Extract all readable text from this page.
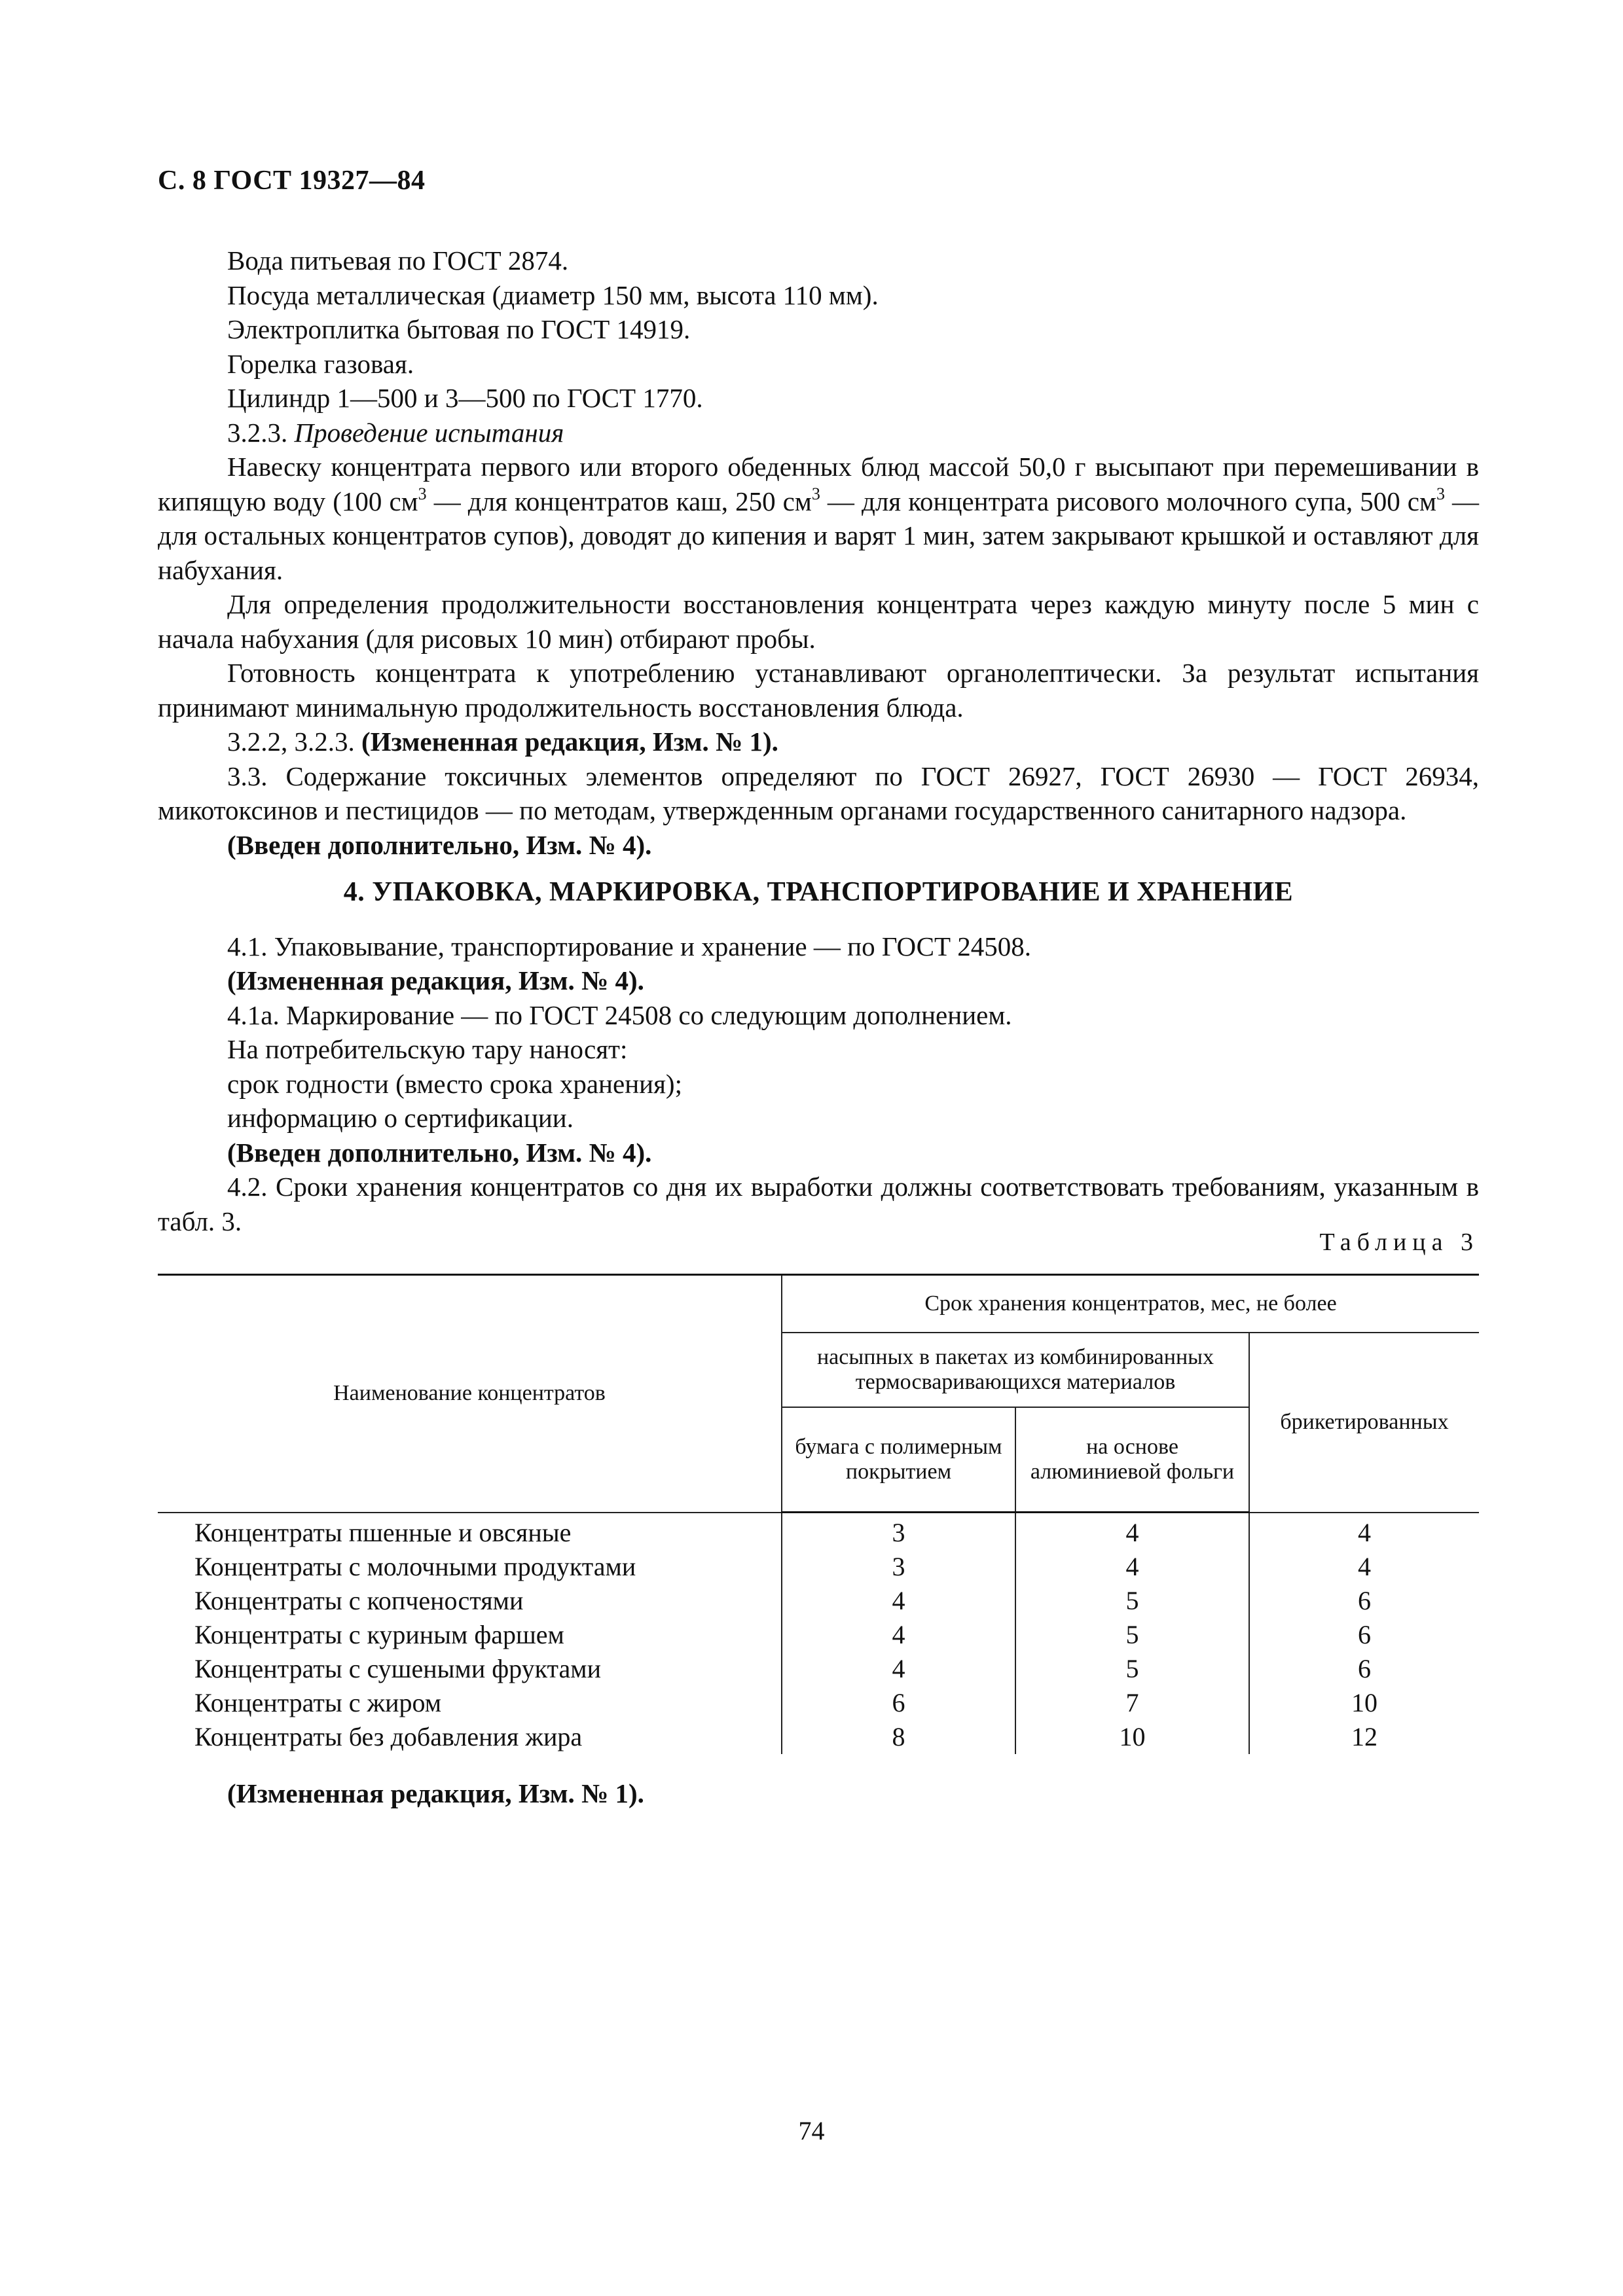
С. 8 ГОСТ 19327—84

Вода питьевая по ГОСТ 2874.

Посуда металлическая (диаметр 150 мм, высота 110 мм).

Электроплитка бытовая по ГОСТ 14919.

Горелка газовая.

Цилиндр 1—500 и 3—500 по ГОСТ 1770.

3.2.3. Проведение испытания

Навеску концентрата первого или второго обеденных блюд массой 50,0 г высыпают при перемешивании в кипящую воду (100 $см^3$ — для концентратов каш, 250 $см^3$ — для концентрата рисового молочного супа, 500 $см^3$ — для остальных концентратов супов), доводят до кипения и варят 1 мин, затем закрывают крышкой и оставляют для набухания.

Для определения продолжительности восстановления концентрата через каждую минуту после 5 мин с начала набухания (для рисовых 10 мин) отбирают пробы.

Готовность концентрата к употреблению устанавливают органолептически. За результат испытания принимают минимальную продолжительность восстановления блюда.

3.2.2, 3.2.3. (Измененная редакция, Изм. № 1).

3.3. Содержание токсичных элементов определяют по ГОСТ 26927, ГОСТ 26930 — ГОСТ 26934, микотоксинов и пестицидов — по методам, утвержденным органами государственного санитарного надзора.

(Введен дополнительно, Изм. № 4).

4. УПАКОВКА, МАРКИРОВКА, ТРАНСПОРТИРОВАНИЕ И ХРАНЕНИЕ

4.1. Упаковывание, транспортирование и хранение — по ГОСТ 24508.

(Измененная редакция, Изм. № 4).

4.1а. Маркирование — по ГОСТ 24508 со следующим дополнением.

На потребительскую тару наносят:

срок годности (вместо срока хранения);

информацию о сертификации.

(Введен дополнительно, Изм. № 4).

4.2. Сроки хранения концентратов со дня их выработки должны соответствовать требованиям, указанным в табл. 3.

Таблица 3
Наименование концентратов	Срок хранения концентратов, мес, не более		
	насыпных в пакетах из комбинированных термосваривающихся материалов		брикетированных
	бумага с полимерным покрытием	на основе алюминиевой фольги	
Концентраты пшенные и овсяные	3	4	4
Концентраты с молочными продуктами	3	4	4
Концентраты с копченостями	4	5	6
Концентраты с куриным фаршем	4	5	6
Концентраты с сушеными фруктами	4	5	6
Концентраты с жиром	6	7	10
Концентраты без добавления жира	8	10	12
(Измененная редакция, Изм. № 1).
74
